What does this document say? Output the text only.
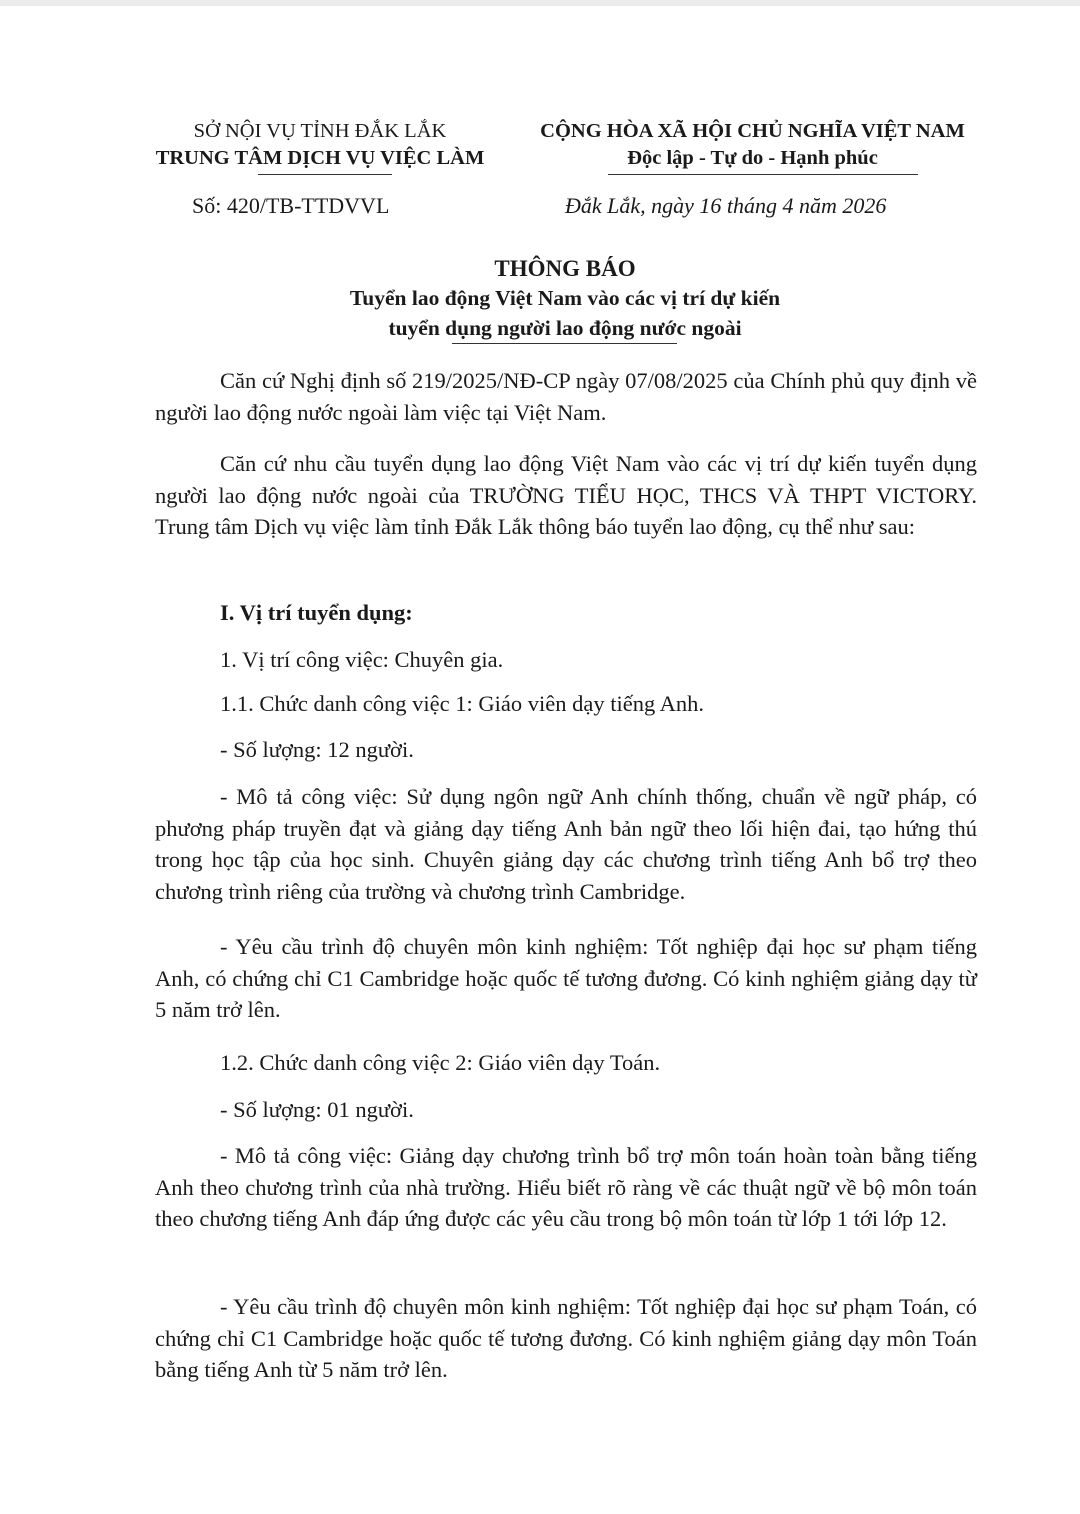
SỞ NỘI VỤ TỈNH ĐẮK LẮK
TRUNG TÂM DỊCH VỤ VIỆC LÀM
CỘNG HÒA XÃ HỘI CHỦ NGHĨA VIỆT NAM
Độc lập - Tự do - Hạnh phúc
Số: 420/TB-TTDVVL	Đắk Lắk, ngày 16 tháng 4 năm 2026
THÔNG BÁO
Tuyển lao động Việt Nam vào các vị trí dự kiến
tuyển dụng người lao động nước ngoài

Căn cứ Nghị định số 219/2025/NĐ-CP ngày 07/08/2025 của Chính phủ quy định về người lao động nước ngoài làm việc tại Việt Nam.

Căn cứ nhu cầu tuyển dụng lao động Việt Nam vào các vị trí dự kiến tuyển dụng người lao động nước ngoài của TRƯỜNG TIỂU HỌC, THCS VÀ THPT VICTORY. Trung tâm Dịch vụ việc làm tỉnh Đắk Lắk thông báo tuyển lao động, cụ thể như sau:

I. Vị trí tuyển dụng:

1. Vị trí công việc: Chuyên gia.

1.1. Chức danh công việc 1: Giáo viên dạy tiếng Anh.

- Số lượng: 12 người.

- Mô tả công việc: Sử dụng ngôn ngữ Anh chính thống, chuẩn về ngữ pháp, có phương pháp truyền đạt và giảng dạy tiếng Anh bản ngữ theo lối hiện đai, tạo hứng thú trong học tập của học sinh. Chuyên giảng dạy các chương trình tiếng Anh bổ trợ theo chương trình riêng của trường và chương trình Cambridge.

- Yêu cầu trình độ chuyên môn kinh nghiệm: Tốt nghiệp đại học sư phạm tiếng Anh, có chứng chỉ C1 Cambridge hoặc quốc tế tương đương. Có kinh nghiệm giảng dạy từ 5 năm trở lên.

1.2. Chức danh công việc 2: Giáo viên dạy Toán.

- Số lượng: 01 người.

- Mô tả công việc: Giảng dạy chương trình bổ trợ môn toán hoàn toàn bằng tiếng Anh theo chương trình của nhà trường. Hiểu biết rõ ràng về các thuật ngữ về bộ môn toán theo chương tiếng Anh đáp ứng được các yêu cầu trong bộ môn toán từ lớp 1 tới lớp 12.

- Yêu cầu trình độ chuyên môn kinh nghiệm: Tốt nghiệp đại học sư phạm Toán, có chứng chỉ C1 Cambridge hoặc quốc tế tương đương. Có kinh nghiệm giảng dạy môn Toán bằng tiếng Anh từ 5 năm trở lên.
